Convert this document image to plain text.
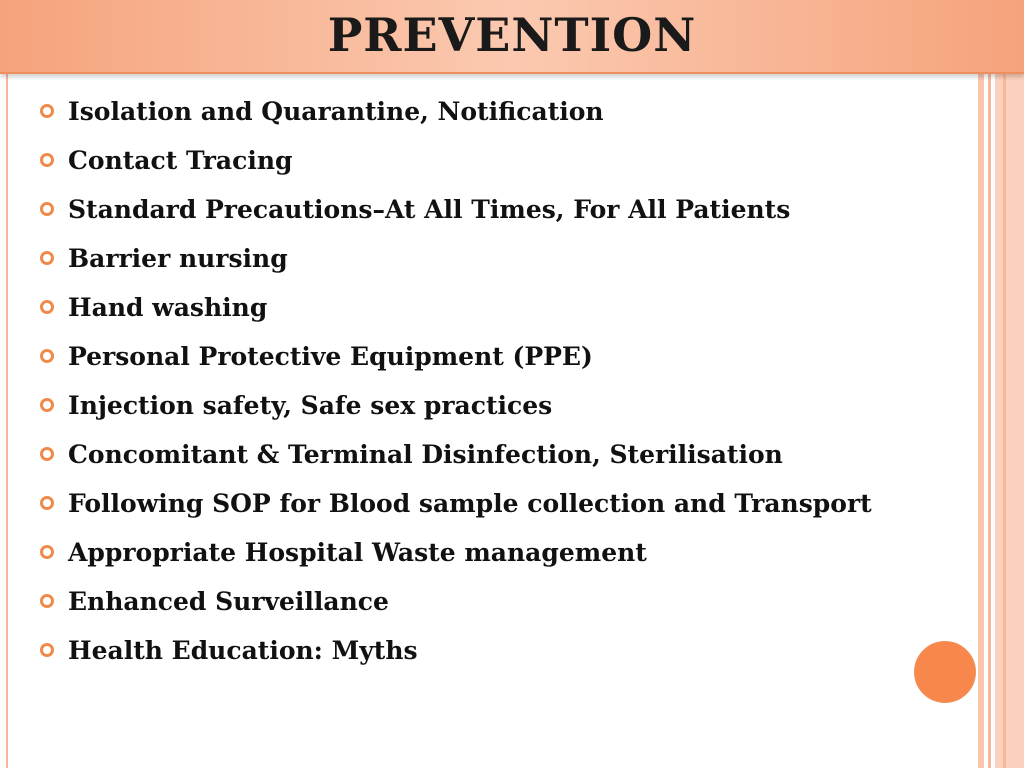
PREVENTION
Isolation and Quarantine, Notification
Contact Tracing
Standard Precautions–At All Times, For All Patients
Barrier nursing
Hand washing
Personal Protective Equipment (PPE)
Injection safety, Safe sex practices
Concomitant & Terminal Disinfection, Sterilisation
Following SOP for Blood sample collection and Transport
Appropriate Hospital Waste management
Enhanced Surveillance
Health Education: Myths
